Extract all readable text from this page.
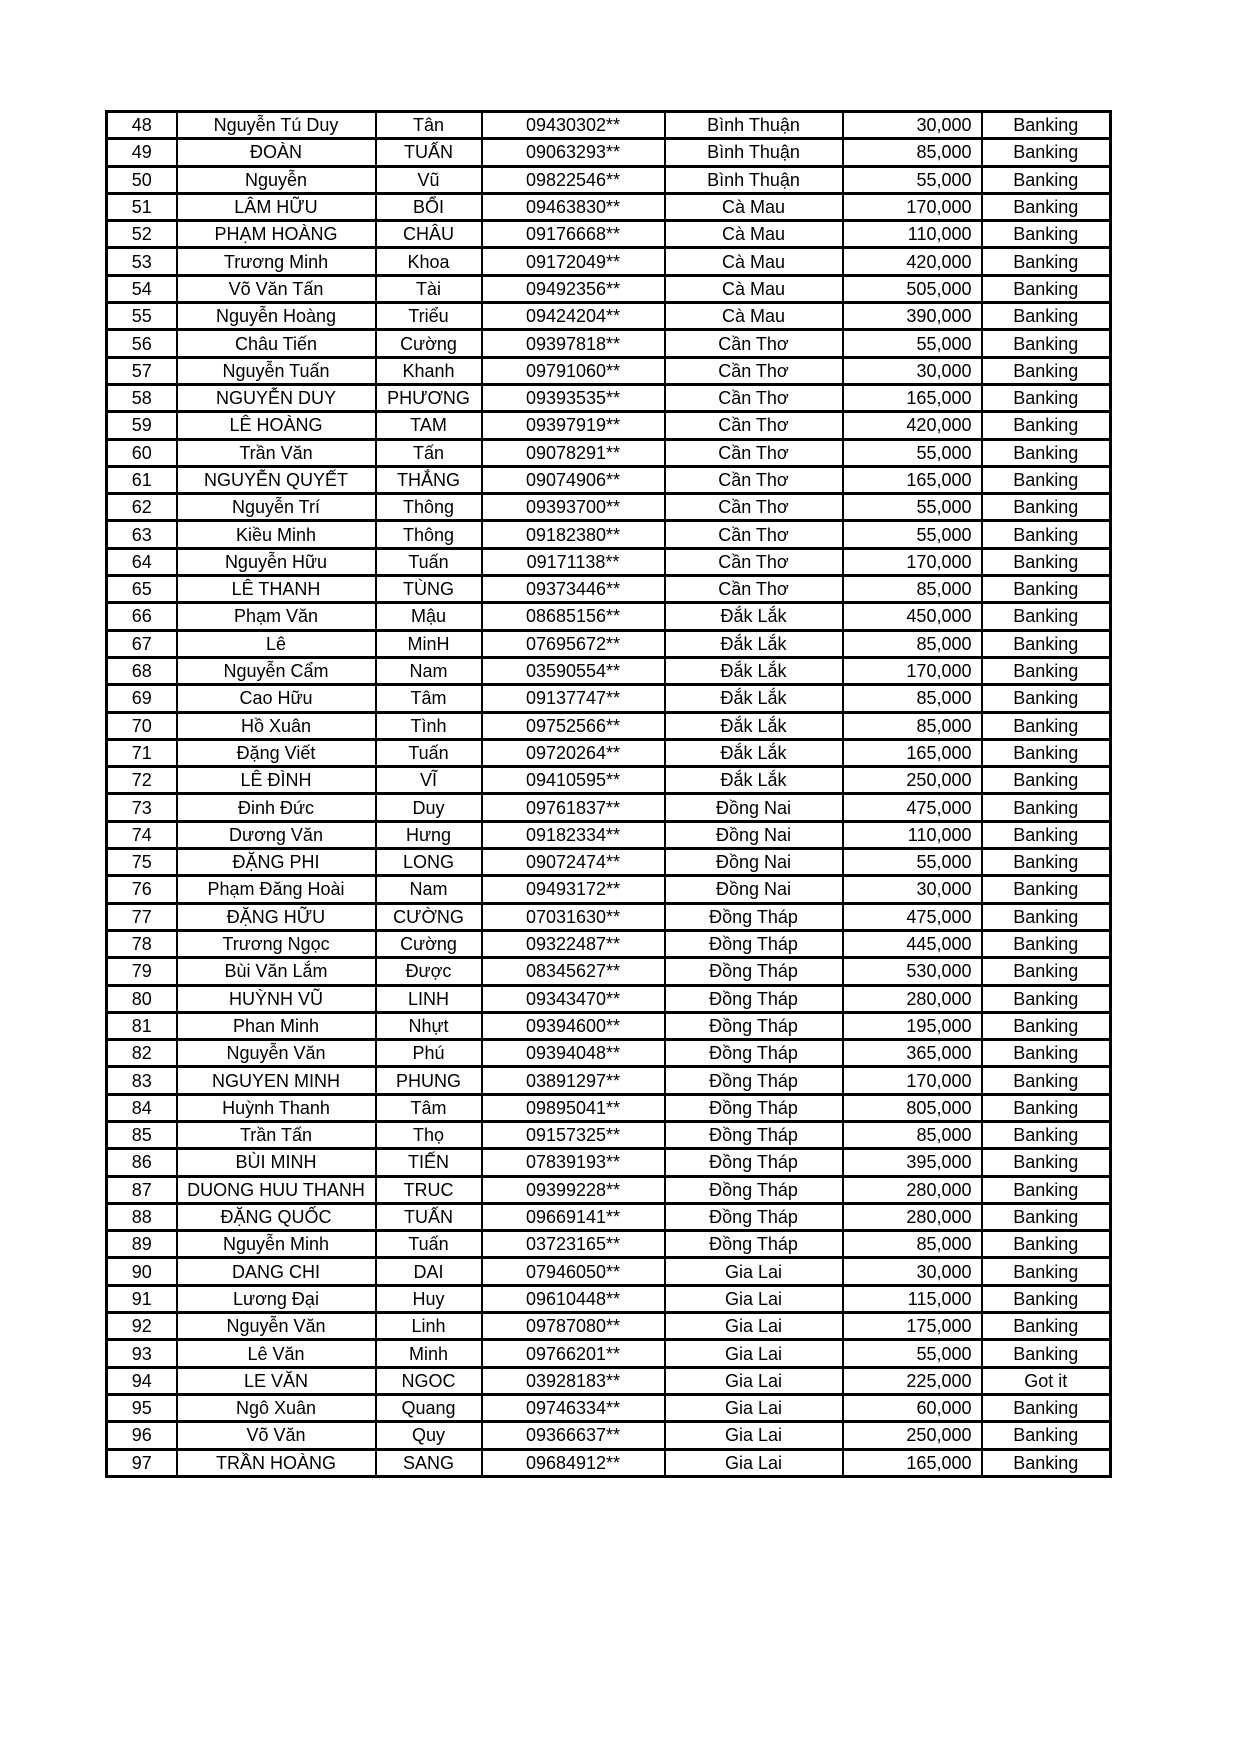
48	Nguyễn Tú Duy	Tân	09430302**	Bình Thuận	30,000	Banking
49	ĐOÀN	TUẤN	09063293**	Bình Thuận	85,000	Banking
50	Nguyễn	Vũ	09822546**	Bình Thuận	55,000	Banking
51	LÂM HỮU	BỔI	09463830**	Cà Mau	170,000	Banking
52	PHẠM HOÀNG	CHÂU	09176668**	Cà Mau	110,000	Banking
53	Trương Minh	Khoa	09172049**	Cà Mau	420,000	Banking
54	Võ Văn Tấn	Tài	09492356**	Cà Mau	505,000	Banking
55	Nguyễn Hoàng	Triểu	09424204**	Cà Mau	390,000	Banking
56	Châu Tiến	Cường	09397818**	Cần Thơ	55,000	Banking
57	Nguyễn Tuấn	Khanh	09791060**	Cần Thơ	30,000	Banking
58	NGUYỄN DUY	PHƯƠNG	09393535**	Cần Thơ	165,000	Banking
59	LÊ HOÀNG	TAM	09397919**	Cần Thơ	420,000	Banking
60	Trần Văn	Tấn	09078291**	Cần Thơ	55,000	Banking
61	NGUYỄN QUYẾT	THẮNG	09074906**	Cần Thơ	165,000	Banking
62	Nguyễn Trí	Thông	09393700**	Cần Thơ	55,000	Banking
63	Kiều Minh	Thông	09182380**	Cần Thơ	55,000	Banking
64	Nguyễn Hữu	Tuấn	09171138**	Cần Thơ	170,000	Banking
65	LÊ THANH	TÙNG	09373446**	Cần Thơ	85,000	Banking
66	Phạm Văn	Mậu	08685156**	Đắk Lắk	450,000	Banking
67	Lê	MinH	07695672**	Đắk Lắk	85,000	Banking
68	Nguyễn Cẩm	Nam	03590554**	Đắk Lắk	170,000	Banking
69	Cao Hữu	Tâm	09137747**	Đắk Lắk	85,000	Banking
70	Hồ Xuân	Tình	09752566**	Đắk Lắk	85,000	Banking
71	Đặng Viết	Tuấn	09720264**	Đắk Lắk	165,000	Banking
72	LÊ ĐÌNH	VĨ	09410595**	Đắk Lắk	250,000	Banking
73	Đinh Đức	Duy	09761837**	Đồng Nai	475,000	Banking
74	Dương Văn	Hưng	09182334**	Đồng Nai	110,000	Banking
75	ĐẶNG PHI	LONG	09072474**	Đồng Nai	55,000	Banking
76	Phạm Đăng Hoài	Nam	09493172**	Đồng Nai	30,000	Banking
77	ĐẶNG HỮU	CƯỜNG	07031630**	Đồng Tháp	475,000	Banking
78	Trương Ngọc	Cường	09322487**	Đồng Tháp	445,000	Banking
79	Bùi Văn Lắm	Được	08345627**	Đồng Tháp	530,000	Banking
80	HUỲNH VŨ	LINH	09343470**	Đồng Tháp	280,000	Banking
81	Phan Minh	Nhựt	09394600**	Đồng Tháp	195,000	Banking
82	Nguyễn Văn	Phú	09394048**	Đồng Tháp	365,000	Banking
83	NGUYEN MINH	PHUNG	03891297**	Đồng Tháp	170,000	Banking
84	Huỳnh Thanh	Tâm	09895041**	Đồng Tháp	805,000	Banking
85	Trần Tấn	Thọ	09157325**	Đồng Tháp	85,000	Banking
86	BÙI MINH	TIẾN	07839193**	Đồng Tháp	395,000	Banking
87	DUONG HUU THANH	TRUC	09399228**	Đồng Tháp	280,000	Banking
88	ĐẶNG QUỐC	TUẤN	09669141**	Đồng Tháp	280,000	Banking
89	Nguyễn Minh	Tuấn	03723165**	Đồng Tháp	85,000	Banking
90	DANG CHI	DAI	07946050**	Gia Lai	30,000	Banking
91	Lương Đại	Huy	09610448**	Gia Lai	115,000	Banking
92	Nguyễn Văn	Linh	09787080**	Gia Lai	175,000	Banking
93	Lê Văn	Minh	09766201**	Gia Lai	55,000	Banking
94	LE VĂN	NGOC	03928183**	Gia Lai	225,000	Got it
95	Ngô Xuân	Quang	09746334**	Gia Lai	60,000	Banking
96	Võ Văn	Quy	09366637**	Gia Lai	250,000	Banking
97	TRẦN HOÀNG	SANG	09684912**	Gia Lai	165,000	Banking
